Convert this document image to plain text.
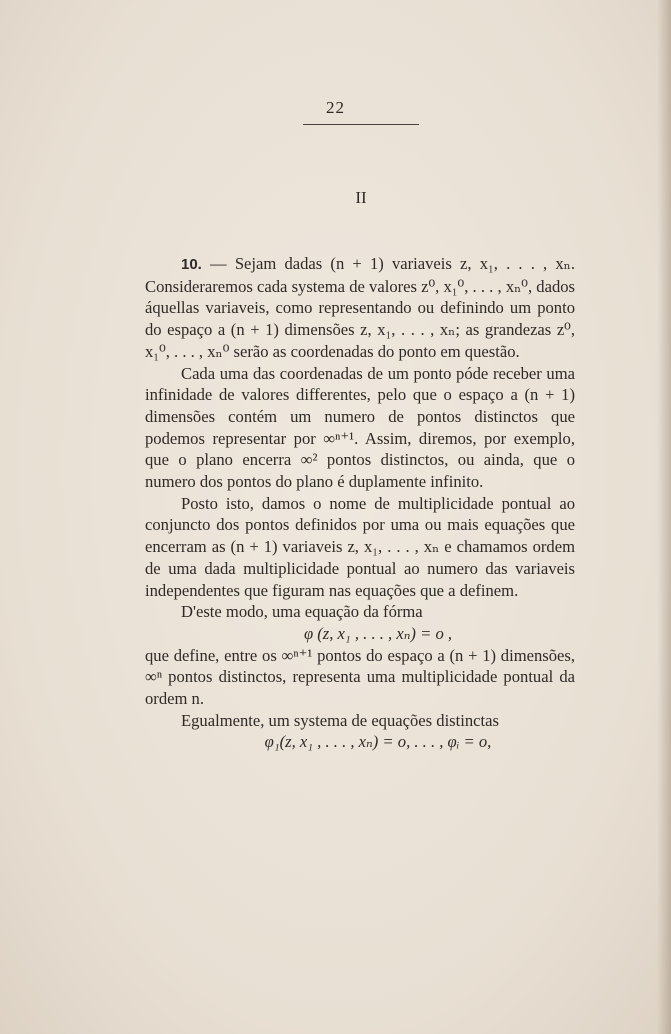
22
II

10. — Sejam dadas (n + 1) variaveis z, x₁, . . . , xₙ. Consideraremos cada systema de valores z⁰, x₁⁰, . . . , xₙ⁰, dados áquellas variaveis, como representando ou definindo um ponto do espaço a (n + 1) dimensões z, x₁, . . . , xₙ; as grandezas z⁰, x₁⁰, . . . , xₙ⁰ serão as coordenadas do ponto em questão.

Cada uma das coordenadas de um ponto póde receber uma infinidade de valores differentes, pelo que o espaço a (n + 1) dimensões contém um numero de pontos distinctos que podemos representar por ∞ⁿ⁺¹. Assim, diremos, por exemplo, que o plano encerra ∞² pontos distinctos, ou ainda, que o numero dos pontos do plano é duplamente infinito.

Posto isto, damos o nome de multiplicidade pontual ao conjuncto dos pontos definidos por uma ou mais equações que encerram as (n + 1) variaveis z, x₁, . . . , xₙ e chamamos ordem de uma dada multiplicidade pontual ao numero das variaveis independentes que figuram nas equações que a definem.

D'este modo, uma equação da fórma

φ (z, x₁ , . . . , xₙ) = o ,

que define, entre os ∞ⁿ⁺¹ pontos do espaço a (n + 1) dimensões, ∞ⁿ pontos distinctos, representa uma multiplicidade pontual da ordem n.

Egualmente, um systema de equações distinctas

φ₁(z, x₁ , . . . , xₙ) = o, . . . , φᵢ = o,
